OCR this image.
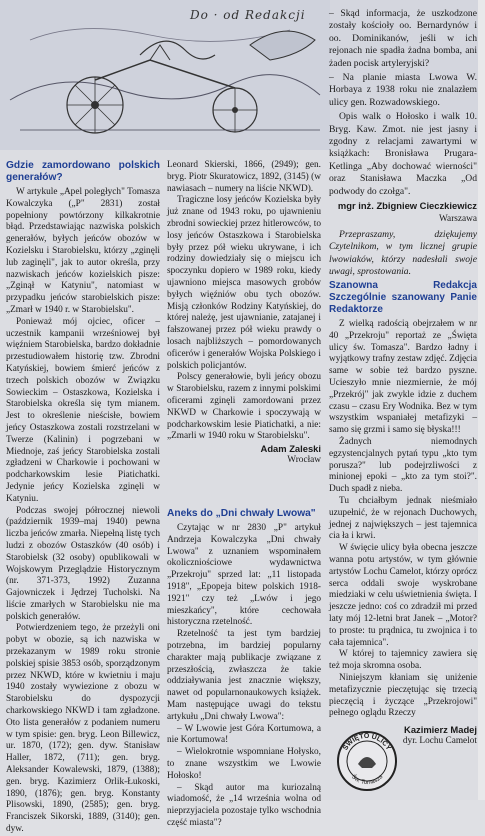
Do · od Redakcji – Skąd informacja, że uszkodzone zostały kościoły oo. Bernardynów i oo. Dominikanów, jeśli w ich rejonach nie spadła żadna bomba, ani żaden pocisk artyleryjski?

– Na planie miasta Lwowa W. Horbaya z 1938 roku nie znalazłem ulicy gen. Rozwadowskiego.

Opis walk o Hołosko i walk 10. Bryg. Kaw. Zmot. nie jest jasny i zgodny z relacjami zawartymi w książkach: Bronisława Prugara-Ketlinga „Aby dochować wierności" oraz Stanisława Maczka „Od podwody do czołga".

mgr inż. Zbigniew Cieczkiewicz
Warszawa

Przepraszamy, dziękujemy Czytelnikom, w tym licznej grupie lwowiaków, którzy nadesłali swoje uwagi, sprostowania.

Gdzie zamordowano polskich generałów?

W artykule „Apel poległych" Tomasza Kowalczyka („P" 2831) został popełniony powtórzony kilkakrotnie błąd. Przedstawiając nazwiska polskich generałów, byłych jeńców obozów w Kozielsku i Starobielsku, którzy „zginęli lub zaginęli", jak to autor określa, przy nazwiskach jeńców kozielskich pisze: „Zginął w Katyniu", natomiast w przypadku jeńców starobielskich pisze: „Zmarł w 1940 r. w Starobielsku".

Ponieważ mój ojciec, oficer – uczestnik kampanii wrześniowej był więźniem Starobielska, bardzo dokładnie przestudiowałem historię tzw. Zbrodni Katyńskiej, bowiem śmierć jeńców z trzech polskich obozów w Związku Sowieckim – Ostaszkowa, Kozielska i Starobielska określa się tym mianem. Jest to określenie nieścisłe, bowiem jeńcy Ostaszkowa zostali rozstrzelani w Twerze (Kalinin) i pogrzebani w Miednoje, zaś jeńcy Starobielska zostali zgładzeni w Charkowie i pochowani w podcharkowskim lesie Piatichatki. Jedynie jeńcy Kozielska zginęli w Katyniu.

Podczas swojej półrocznej niewoli (październik 1939–maj 1940) pewna liczba jeńców zmarła. Niepełną listę tych ludzi z obozów Ostaszków (40 osób) i Starobielsk (32 osoby) opublikowali w Wojskowym Przeglądzie Historycznym (nr. 371-373, 1992) Zuzanna Gajowniczek i Jędrzej Tucholski. Na liście zmarłych w Starobielsku nie ma polskich generałów.

Potwierdzeniem tego, że przeżyli oni pobyt w obozie, są ich nazwiska w przekazanym w 1989 roku stronie polskiej spisie 3853 osób, sporządzonym przez NKWD, które w kwietniu i maju 1940 zostały wywiezione z obozu w Starobielsku do dyspozycji charkowskiego NKWD i tam zgładzone. Oto lista generałów z podaniem numeru w tym spisie: gen. bryg. Leon Billewicz, ur. 1870, (172); gen. dyw. Stanisław Haller, 1872, (711); gen. bryg. Aleksander Kowalewski, 1879, (1388); gen. bryg. Kazimierz Orlik-Łukoski, 1890, (1876); gen. bryg. Konstanty Plisowski, 1890, (2585); gen. bryg. Franciszek Sikorski, 1889, (3140); gen. dyw.

Leonard Skierski, 1866, (2949); gen. bryg. Piotr Skuratowicz, 1892, (3145) (w nawiasach – numery na liście NKWD).

Tragiczne losy jeńców Kozielska były już znane od 1943 roku, po ujawnieniu zbrodni sowieckiej przez hitlerowców, to losy jeńców Ostaszkowa i Starobielska były przez pół wieku ukrywane, i ich rodziny dowiedziały się o miejscu ich spoczynku dopiero w 1989 roku, kiedy ujawniono miejsca masowych grobów byłych więźniów obu tych obozów. Misją członków Rodziny Katyńskiej, do której należę, jest ujawnianie, zatajanej i fałszowanej przez pół wieku prawdy o losach najbliższych – pomordowanych oficerów i generałów Wojska Polskiego i polskich policjantów.

Polscy generałowie, byli jeńcy obozu w Starobielsku, razem z innymi polskimi oficerami zginęli zamordowani przez NKWD w Charkowie i spoczywają w podcharkowskim lesie Piatichatki, a nie: „Zmarli w 1940 roku w Starobielsku".

Adam Zaleski
Wrocław
Aneks do „Dni chwały Lwowa"

Czytając w nr 2830 „P" artykuł Andrzeja Kowalczyka „Dni chwały Lwowa" z uznaniem wspominałem okoliczniościowe wydawnictwa „Przekroju" sprzed lat: „11 listopada 1918", „Epopeja bitew polskich 1918-1921" czy też „Lwów i jego mieszkańcy", które cechowała historyczna rzetelność.

Rzetelność ta jest tym bardziej potrzebna, im bardziej popularny charakter mają publikacje związane z przeszłością, zwłaszcza że takie oddziaływania jest znacznie większy, nawet od popularnonaukowych książek. Mam następujące uwagi do tekstu artykułu „Dni chwały Lwowa":

– W Lwowie jest Góra Kortumowa, a nie Kortumowa!

– Wielokrotnie wspomniane Hołysko, to znane wszystkim we Lwowie Hołosko!

– Skąd autor ma kuriozalną wiadomość, że „14 września wolna od nieprzyjaciela pozostaje tylko wschodnia część miasta"?

Szanowna Redakcja Szczególnie szanowany Panie Redaktorze

Z wielką radością obejrzałem w nr 40 „Przekroju" reportaż ze „Święta ulicy św. Tomasza". Bardzo ładny i wyjątkowy trafny zestaw zdjęć. Zdjęcia same w sobie też bardzo pyszne. Ucieszyło mnie niezmiernie, że mój „Przekrój" jak zwykle idzie z duchem czasu – czasu Ery Wodnika. Bez w tym wszystkim wspaniałej metafizyki – samo się grzmi i samo się błyska!!!

Żadnych niemodnych egzystencjalnych pytań typu „kto tym porusza?" lub podejrzliwości z minionej epoki – „kto za tym stoi?". Duch spadł z nieba.

Tu chciałbym jednak nieśmiało uzupełnić, że w rejonach Duchowych, jednej z największych – jest tajemnica cia ła i krwi.

W święcie ulicy była obecna jeszcze wanna potu artystów, w tym głównie artystów Lochu Camelot, którzy oprócz serca oddali swoje wyskrobane miedziaki w celu uświetnienia święta. I jeszcze jedno: coś co zdradził mi przed laty mój 12-letni brat Janek – „Motor? to proste: tu prądnica, tu zwojnica i to cała tajemnica".

W której to tajemnicy zawiera się też moja skromna osoba.

Niniejszym kłaniam się uniżenie metafizycznie pieczętując się trzecią pieczęcią i życzące „Przekrojowi" pełnego oglądu Rzeczy

Kazimierz Madej
dyr. Lochu Camelot
ŚWIĘTO ULICY
Św. Tomasza
